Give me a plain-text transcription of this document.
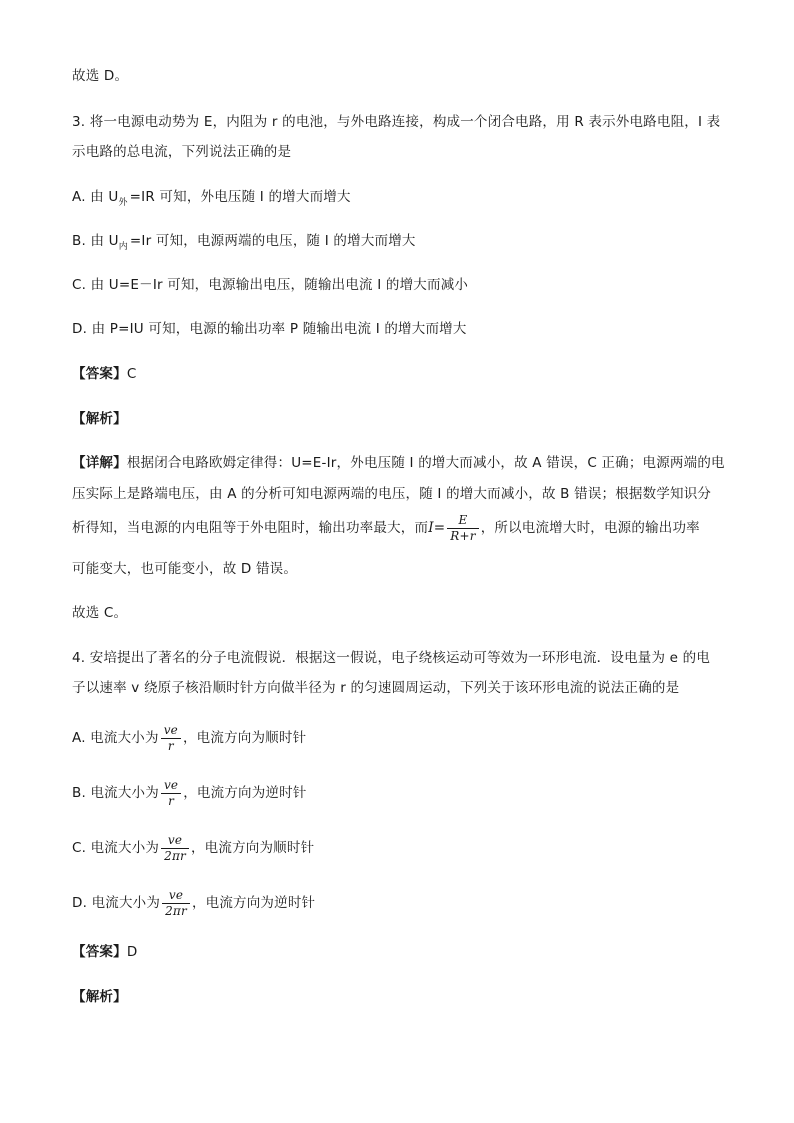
故选 D。
3. 将一电源电动势为 E，内阻为 r 的电池，与外电路连接，构成一个闭合电路，用 R 表示外电路电阻，I 表
示电路的总电流，下列说法正确的是
A. 由 $U_外 =IR$ 可知，外电压随 I 的增大而增大
B. 由 $U_内 =Ir$ 可知，电源两端的电压，随 I 的增大而增大
C. 由 U=E－Ir 可知，电源输出电压，随输出电流 I 的增大而减小
D. 由 P=IU 可知，电源的输出功率 P 随输出电流 I 的增大而增大
【答案】C
【解析】
【详解】根据闭合电路欧姆定律得：U=E-Ir，外电压随 I 的增大而减小，故 A 错误，C 正确；电源两端的电
压实际上是路端电压，由 A 的分析可知电源两端的电压，随 I 的增大而减小，故 B 错误；根据数学知识分
析得知，当电源的内电阻等于外电阻时，输出功率最大，而$I= \frac{E}{R+r}$ ，所以电流增大时，电源的输出功率
可能变大，也可能变小，故 D 错误。
故选 C。
4. 安培提出了著名的分子电流假说．根据这一假说，电子绕核运动可等效为一环形电流．设电量为 e 的电
子以速率 v 绕原子核沿顺时针方向做半径为 r 的匀速圆周运动，下列关于该环形电流的说法正确的是
A. 电流大小为 $\frac{ve}{r}$ ，电流方向为顺时针
B. 电流大小为 $\frac{ve}{r}$ ，电流方向为逆时针
C. 电流大小为 $\frac{ve}{2\pi r}$ ，电流方向为顺时针
D. 电流大小为 $\frac{ve}{2\pi r}$ ，电流方向为逆时针
【答案】D
【解析】
